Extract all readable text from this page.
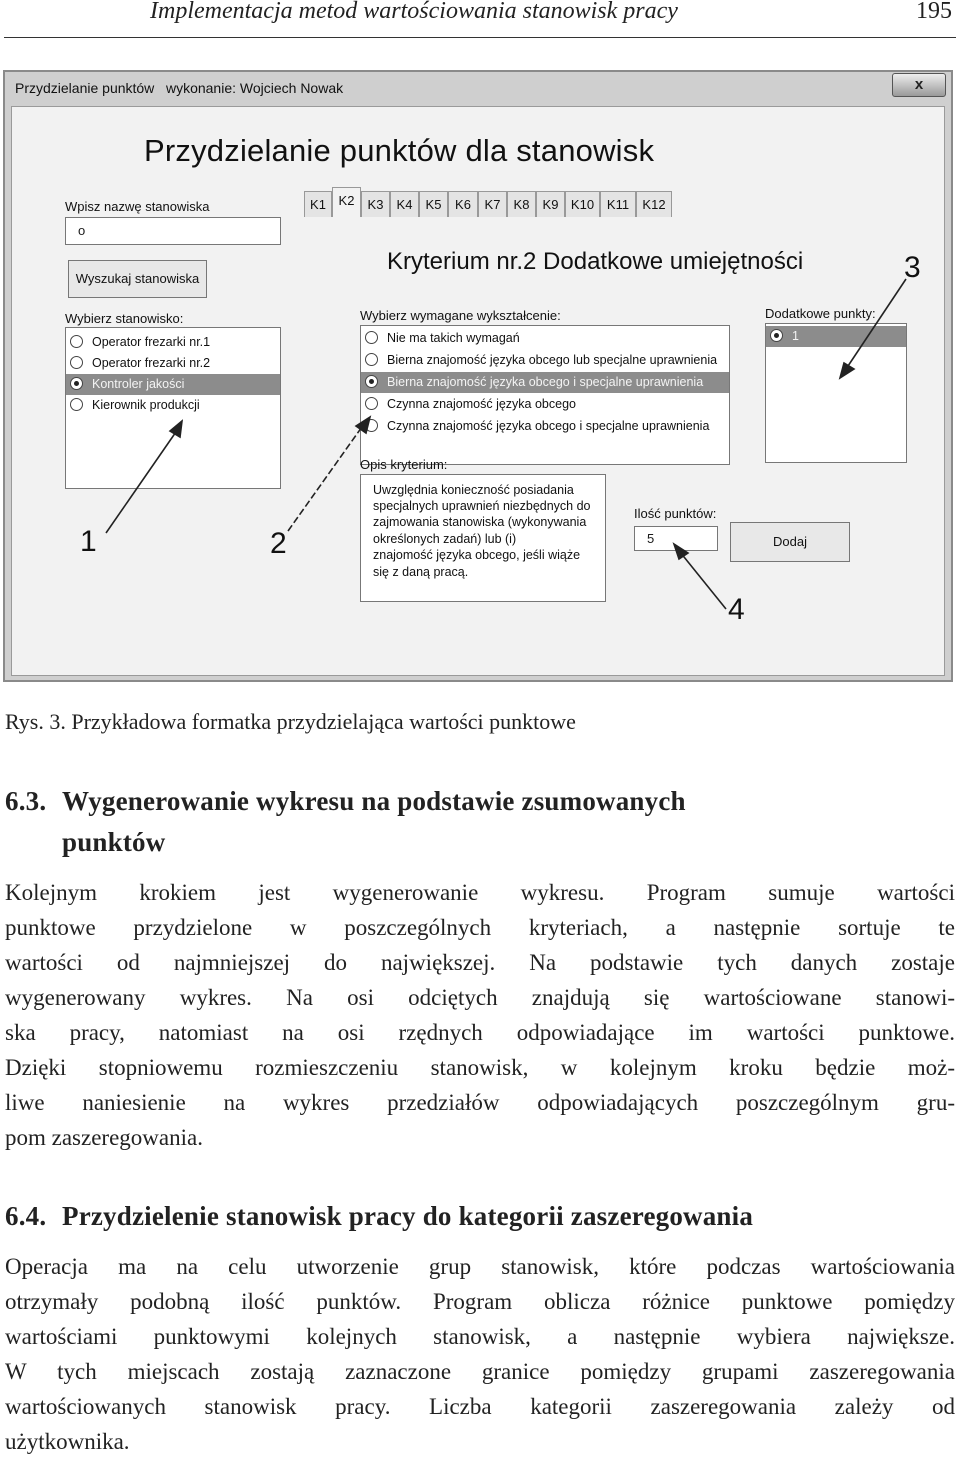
Implementacja metod wartościowania stanowisk pracy	195
Przydzielanie punktów   wykonanie: Wojciech Nowak	x
Przydzielanie punktów dla stanowisk
Wpisz nazwę stanowiska
o
Wyszukaj stanowiska
Wybierz stanowisko:
Operator frezarki nr.1
Operator frezarki nr.2
Kontroler jakości
Kierownik produkcji
K1 K2	K3	K4	K5	K6	K7	K8	K9 K10 K11	K12
Kryterium nr.2 Dodatkowe umiejętności
Wybierz wymagane wykształcenie:
Nie ma takich wymagań
Bierna znajomość języka obcego lub specjalne uprawnienia
Bierna znajomość języka obcego i specjalne uprawnienia
Czynna znajomość języka obcego
Czynna znajomość języka obcego i specjalne uprawnienia
Dodatkowe punkty:
1
Opis kryterium:
Uwzględnia konieczność posiadania
specjalnych uprawnień niezbędnych do
zajmowania stanowiska (wykonywania
określonych zadań) lub (i)
znajomość języka obcego, jeśli wiąże
się z daną pracą.
Ilość punktów:
5	Dodaj
1	2
3
4
Rys. 3. Przykładowa formatka przydzielająca wartości punktowe
6.3. Wygenerowanie wykresu na podstawie zsumowanych
punktów
Kolejnym krokiem jest wygenerowanie wykresu. Program sumuje wartości
punktowe przydzielone w poszczególnych kryteriach, a następnie sortuje te
wartości od najmniejszej do największej. Na podstawie tych danych zostaje
wygenerowany wykres. Na osi odciętych znajdują się wartościowane stanowi-
ska pracy, natomiast na osi rzędnych odpowiadające im wartości punktowe.
Dzięki stopniowemu rozmieszczeniu stanowisk, w kolejnym kroku będzie moż-
liwe naniesienie na wykres przedziałów odpowiadających poszczególnym gru-
pom zaszeregowania.
6.4. Przydzielenie stanowisk pracy do kategorii zaszeregowania
Operacja ma na celu utworzenie grup stanowisk, które podczas wartościowania
otrzymały podobną ilość punktów. Program oblicza różnice punktowe pomiędzy
wartościami punktowymi kolejnych stanowisk, a następnie wybiera największe.
W tych miejscach zostają zaznaczone granice pomiędzy grupami zaszeregowania
wartościowanych stanowisk pracy. Liczba kategorii zaszeregowania zależy od
użytkownika.
